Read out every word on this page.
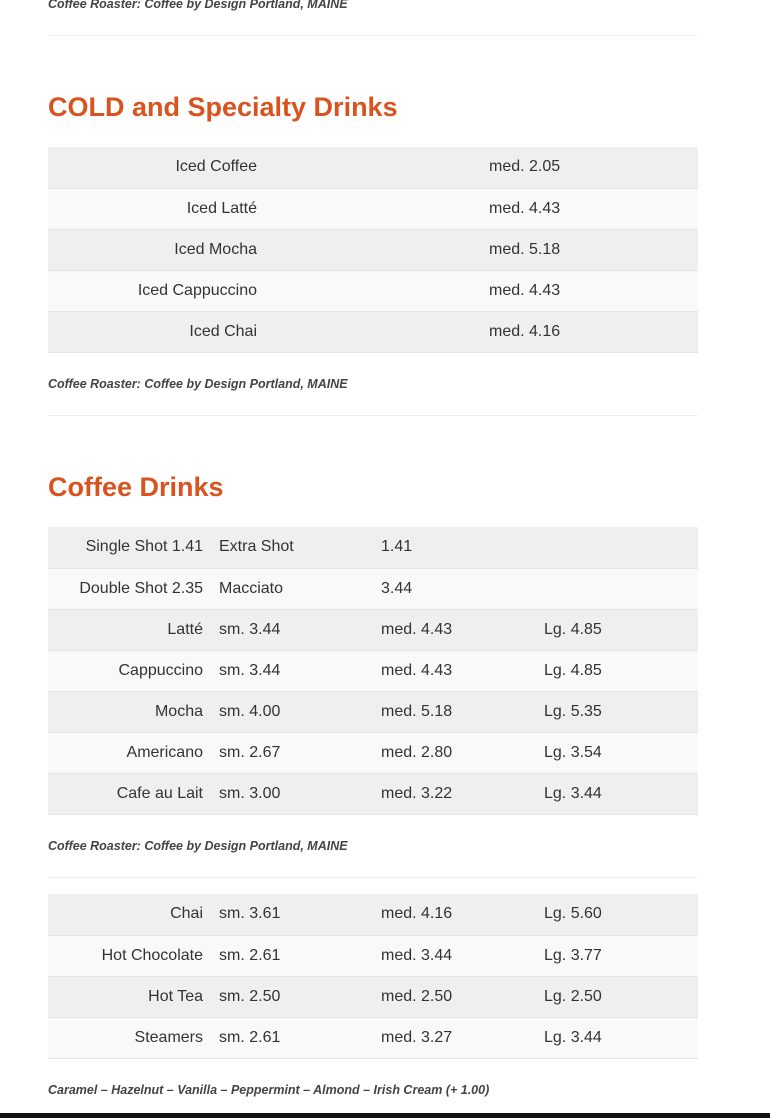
Coffee Roaster: Coffee by Design Portland, MAINE

COLD and Specialty Drinks
Iced Coffee		med. 2.05
Iced Latté		med. 4.43
Iced Mocha		med. 5.18
Iced Cappuccino		med. 4.43
Iced Chai		med. 4.16

Coffee Roaster: Coffee by Design Portland, MAINE

Coffee Drinks
Single Shot 1.41	Extra Shot	1.41	
Double Shot 2.35	Macciato	3.44	
Latté	sm. 3.44	med. 4.43	Lg. 4.85
Cappuccino	sm. 3.44	med. 4.43	Lg. 4.85
Mocha	sm. 4.00	med. 5.18	Lg. 5.35
Americano	sm. 2.67	med. 2.80	Lg. 3.54
Cafe au Lait	sm. 3.00	med. 3.22	Lg. 3.44

Coffee Roaster: Coffee by Design Portland, MAINE

Chai	sm. 3.61	med. 4.16	Lg. 5.60
Hot Chocolate	sm. 2.61	med. 3.44	Lg. 3.77
Hot Tea	sm. 2.50	med. 2.50	Lg. 2.50
Steamers	sm. 2.61	med. 3.27	Lg. 3.44

Caramel – Hazelnut – Vanilla – Peppermint – Almond – Irish Cream (+ 1.00)
